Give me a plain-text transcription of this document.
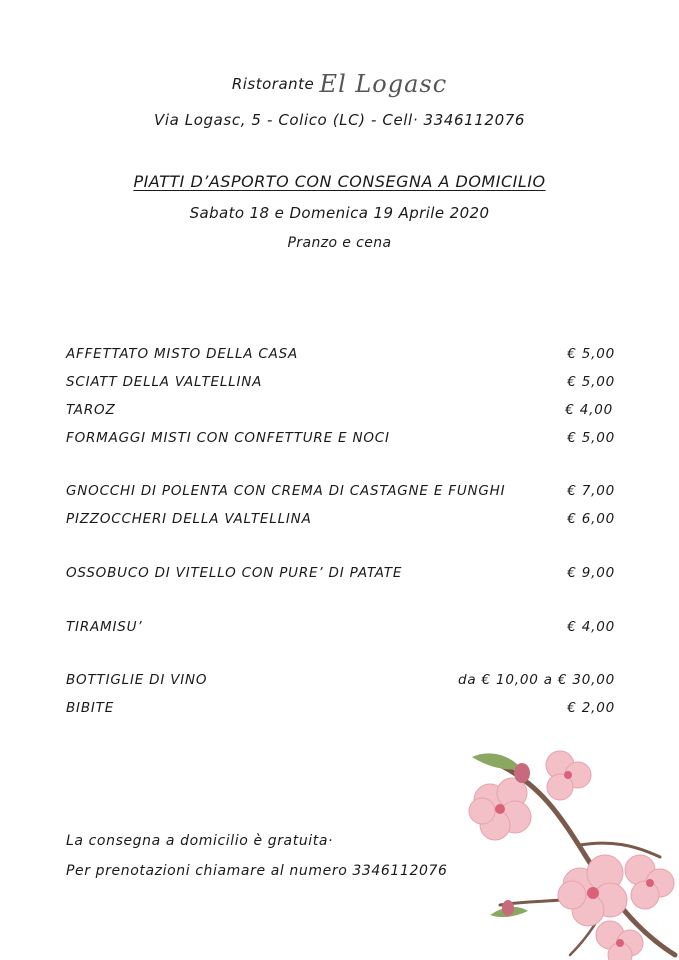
Ristorante El Logasc
Via Logasc, 5 - Colico (LC) - Cell· 3346112076
PIATTI D’ASPORTO CON CONSEGNA A DOMICILIO
Sabato 18 e Domenica 19 Aprile 2020
Pranzo e cena
AFFETTATO MISTO DELLA CASA	€ 5,00
SCIATT DELLA VALTELLINA	€ 5,00
TAROZ	€ 4,00
FORMAGGI MISTI CON CONFETTURE E NOCI	€ 5,00
GNOCCHI DI POLENTA CON CREMA DI CASTAGNE E FUNGHI	€ 7,00
PIZZOCCHERI DELLA VALTELLINA	€ 6,00
OSSOBUCO DI VITELLO CON PURE’ DI PATATE	€ 9,00
TIRAMISU’	€ 4,00
BOTTIGLIE DI VINO	da € 10,00 a € 30,00
BIBITE	€ 2,00
La consegna a domicilio è gratuita·
Per prenotazioni chiamare al numero 3346112076
